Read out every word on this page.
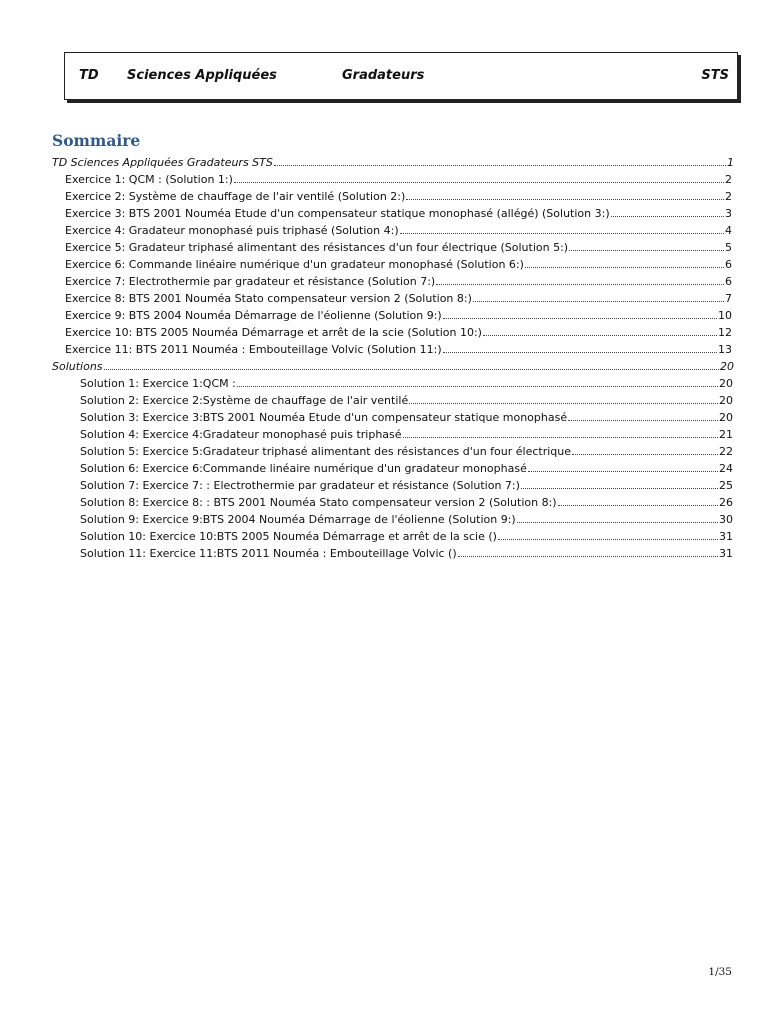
TD Sciences Appliquées	Gradateurs	STS
Sommaire
TD Sciences Appliquées Gradateurs STS	1
Exercice 1: QCM : (Solution 1:)	2
Exercice 2: Système de chauffage de l'air ventilé (Solution 2:)	2
Exercice 3: BTS 2001 Nouméa Etude d'un compensateur statique monophasé (allégé) (Solution 3:)	3
Exercice 4: Gradateur monophasé puis triphasé (Solution 4:)	4
Exercice 5: Gradateur triphasé alimentant des résistances d'un four électrique (Solution 5:)	5
Exercice 6: Commande linéaire numérique d'un gradateur monophasé (Solution 6:)	6
Exercice 7: Electrothermie par gradateur et résistance (Solution 7:)	6
Exercice 8: BTS 2001 Nouméa Stato compensateur version 2 (Solution 8:)	7
Exercice 9: BTS 2004 Nouméa Démarrage de l'éolienne (Solution 9:)	10
Exercice 10: BTS 2005 Nouméa Démarrage et arrêt de la scie (Solution 10:)	12
Exercice 11: BTS 2011 Nouméa : Embouteillage Volvic (Solution 11:)	13
Solutions	20
Solution 1: Exercice 1:QCM :	20
Solution 2: Exercice 2:Système de chauffage de l'air ventilé	20
Solution 3: Exercice 3:BTS 2001 Nouméa Etude d'un compensateur statique monophasé	20
Solution 4: Exercice 4:Gradateur monophasé puis triphasé	21
Solution 5: Exercice 5:Gradateur triphasé alimentant des résistances d'un four électrique	22
Solution 6: Exercice 6:Commande linéaire numérique d'un gradateur monophasé	24
Solution 7: Exercice 7: : Electrothermie par gradateur et résistance (Solution 7:)	25
Solution 8: Exercice 8: : BTS 2001 Nouméa Stato compensateur version 2 (Solution 8:)	26
Solution 9: Exercice 9:BTS 2004 Nouméa Démarrage de l'éolienne (Solution 9:)	30
Solution 10: Exercice 10:BTS 2005 Nouméa Démarrage et arrêt de la scie ()	31
Solution 11: Exercice 11:BTS 2011 Nouméa : Embouteillage Volvic ()	31
1/35
